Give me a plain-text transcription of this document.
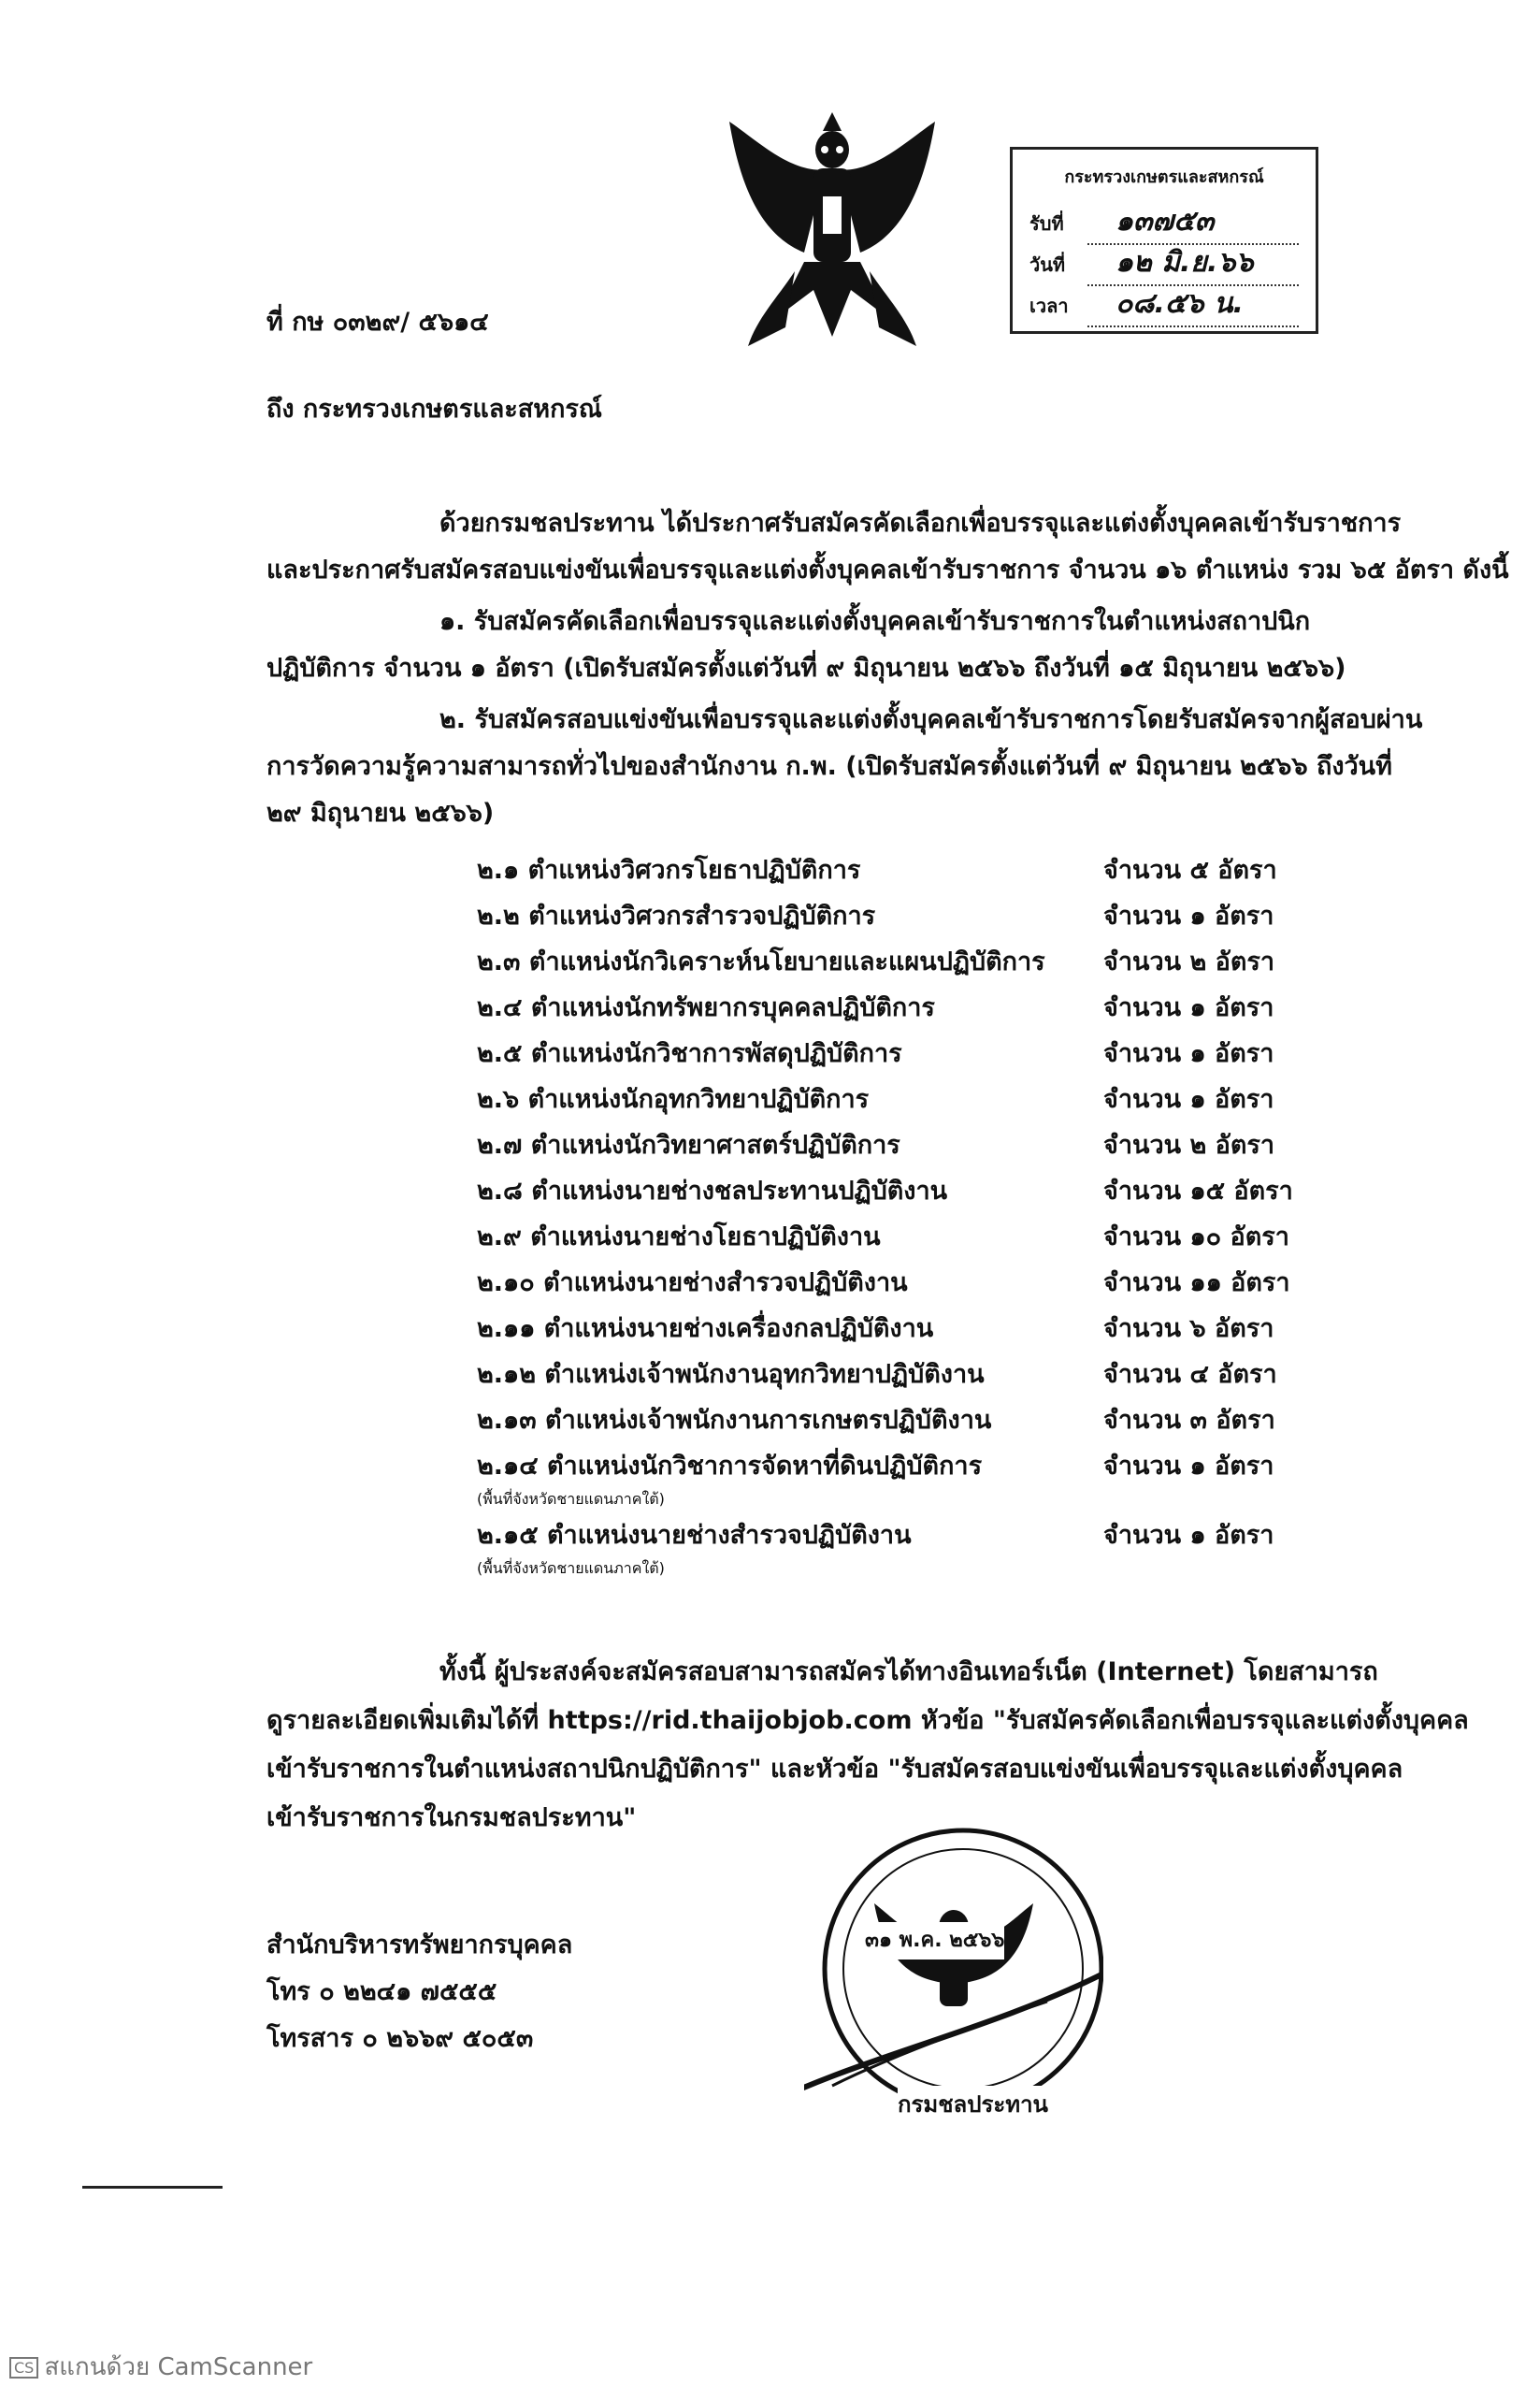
กระทรวงเกษตรและสหกรณ์
รับที่	๑๓๗๕๓
วันที่	๑๒ มิ.ย.๖๖
เวลา	๐๘.๕๖ น.
ที่ กษ ๐๓๒๙/ ๕๖๑๔
ถึง กระทรวงเกษตรและสหกรณ์
ด้วยกรมชลประทาน ได้ประกาศรับสมัครคัดเลือกเพื่อบรรจุและแต่งตั้งบุคคลเข้ารับราชการ
และประกาศรับสมัครสอบแข่งขันเพื่อบรรจุและแต่งตั้งบุคคลเข้ารับราชการ จำนวน ๑๖ ตำแหน่ง รวม ๖๕ อัตรา ดังนี้
๑. รับสมัครคัดเลือกเพื่อบรรจุและแต่งตั้งบุคคลเข้ารับราชการในตำแหน่งสถาปนิก
ปฏิบัติการ จำนวน ๑ อัตรา (เปิดรับสมัครตั้งแต่วันที่ ๙ มิถุนายน ๒๕๖๖ ถึงวันที่ ๑๕ มิถุนายน ๒๕๖๖)
๒. รับสมัครสอบแข่งขันเพื่อบรรจุและแต่งตั้งบุคคลเข้ารับราชการโดยรับสมัครจากผู้สอบผ่าน
การวัดความรู้ความสามารถทั่วไปของสำนักงาน ก.พ. (เปิดรับสมัครตั้งแต่วันที่ ๙ มิถุนายน ๒๕๖๖ ถึงวันที่
๒๙ มิถุนายน ๒๕๖๖)
๒.๑ ตำแหน่งวิศวกรโยธาปฏิบัติการ	จำนวน ๕ อัตรา
๒.๒ ตำแหน่งวิศวกรสำรวจปฏิบัติการ	จำนวน ๑ อัตรา
๒.๓ ตำแหน่งนักวิเคราะห์นโยบายและแผนปฏิบัติการ	จำนวน ๒ อัตรา
๒.๔ ตำแหน่งนักทรัพยากรบุคคลปฏิบัติการ	จำนวน ๑ อัตรา
๒.๕ ตำแหน่งนักวิชาการพัสดุปฏิบัติการ	จำนวน ๑ อัตรา
๒.๖ ตำแหน่งนักอุทกวิทยาปฏิบัติการ	จำนวน ๑ อัตรา
๒.๗ ตำแหน่งนักวิทยาศาสตร์ปฏิบัติการ	จำนวน ๒ อัตรา
๒.๘ ตำแหน่งนายช่างชลประทานปฏิบัติงาน	จำนวน ๑๕ อัตรา
๒.๙ ตำแหน่งนายช่างโยธาปฏิบัติงาน	จำนวน ๑๐ อัตรา
๒.๑๐ ตำแหน่งนายช่างสำรวจปฏิบัติงาน	จำนวน ๑๑ อัตรา
๒.๑๑ ตำแหน่งนายช่างเครื่องกลปฏิบัติงาน	จำนวน ๖ อัตรา
๒.๑๒ ตำแหน่งเจ้าพนักงานอุทกวิทยาปฏิบัติงาน	จำนวน ๔ อัตรา
๒.๑๓ ตำแหน่งเจ้าพนักงานการเกษตรปฏิบัติงาน	จำนวน ๓ อัตรา
๒.๑๔ ตำแหน่งนักวิชาการจัดหาที่ดินปฏิบัติการ	จำนวน ๑ อัตรา
(พื้นที่จังหวัดชายแดนภาคใต้)
๒.๑๕ ตำแหน่งนายช่างสำรวจปฏิบัติงาน	จำนวน ๑ อัตรา
(พื้นที่จังหวัดชายแดนภาคใต้)
ทั้งนี้ ผู้ประสงค์จะสมัครสอบสามารถสมัครได้ทางอินเทอร์เน็ต (Internet) โดยสามารถ
ดูรายละเอียดเพิ่มเติมได้ที่ https://rid.thaijobjob.com หัวข้อ "รับสมัครคัดเลือกเพื่อบรรจุและแต่งตั้งบุคคล
เข้ารับราชการในตำแหน่งสถาปนิกปฏิบัติการ" และหัวข้อ "รับสมัครสอบแข่งขันเพื่อบรรจุและแต่งตั้งบุคคล
เข้ารับราชการในกรมชลประทาน"
๓๑ พ.ค. ๒๕๖๖
กรมชลประทาน
สำนักบริหารทรัพยากรบุคคล
โทร ๐ ๒๒๔๑ ๗๕๕๕
โทรสาร ๐ ๒๖๖๙ ๕๐๕๓
CS สแกนด้วย CamScanner
